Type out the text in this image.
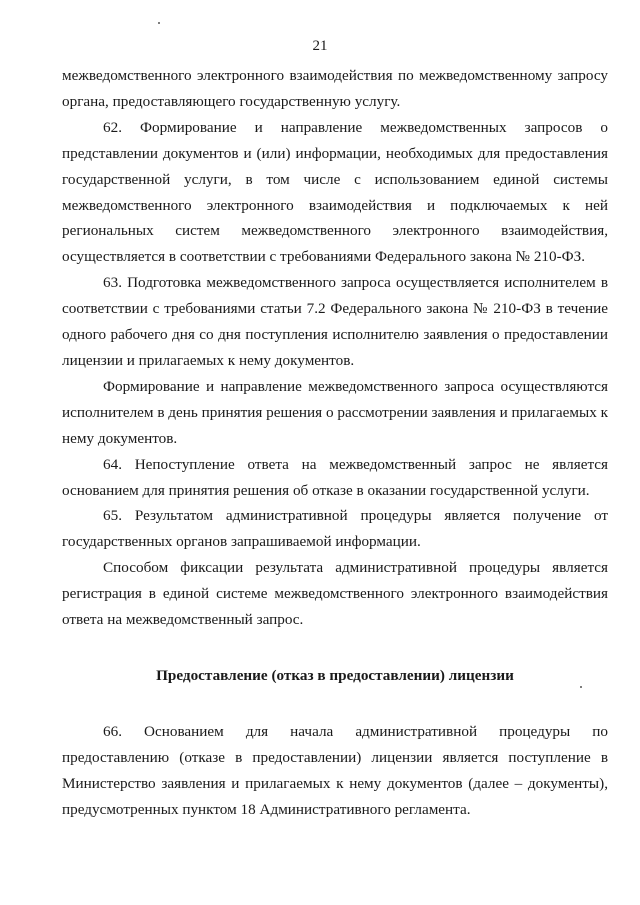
21

межведомственного электронного взаимодействия по межведомственному запросу органа, предоставляющего государственную услугу.

62. Формирование и направление межведомственных запросов о представлении документов и (или) информации, необходимых для предоставления государственной услуги, в том числе с использованием единой системы межведомственного электронного взаимодействия и подключаемых к ней региональных систем межведомственного электронного взаимодействия, осуществляется в соответствии с требованиями Федерального закона № 210-ФЗ.

63. Подготовка межведомственного запроса осуществляется исполнителем в соответствии с требованиями статьи 7.2 Федерального закона № 210-ФЗ в течение одного рабочего дня со дня поступления исполнителю заявления о предоставлении лицензии и прилагаемых к нему документов.

Формирование и направление межведомственного запроса осуществляются исполнителем в день принятия решения о рассмотрении заявления и прилагаемых к нему документов.

64. Непоступление ответа на межведомственный запрос не является основанием для принятия решения об отказе в оказании государственной услуги.

65. Результатом административной процедуры является получение от государственных органов запрашиваемой информации.

Способом фиксации результата административной процедуры является регистрация в единой системе межведомственного электронного взаимодействия ответа на межведомственный запрос.

Предоставление (отказ в предоставлении) лицензии

66. Основанием для начала административной процедуры по предоставлению (отказе в предоставлении) лицензии является поступление в Министерство заявления и прилагаемых к нему документов (далее – документы), предусмотренных пунктом 18 Административного регламента.
